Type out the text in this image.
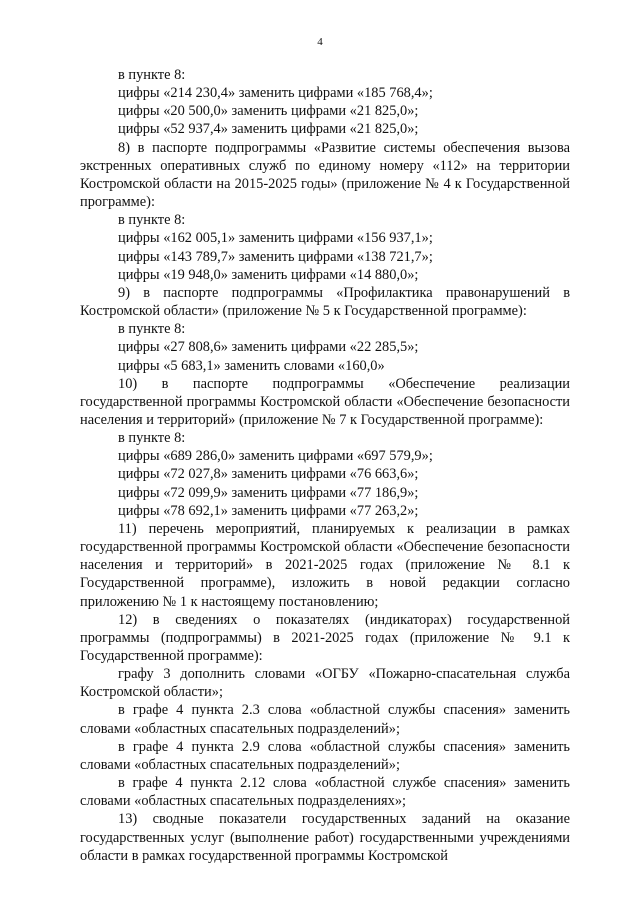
4

в пункте 8:

цифры «214 230,4» заменить цифрами «185 768,4»;

цифры «20 500,0» заменить цифрами «21 825,0»;

цифры «52 937,4» заменить цифрами «21 825,0»;

8) в паспорте подпрограммы «Развитие системы обеспечения вызова экстренных оперативных служб по единому номеру «112» на территории Костромской области на 2015-2025 годы» (приложение № 4 к Государственной программе):

в пункте 8:

цифры «162 005,1» заменить цифрами «156 937,1»;

цифры «143 789,7» заменить цифрами «138 721,7»;

цифры «19 948,0» заменить цифрами «14 880,0»;

9) в паспорте подпрограммы «Профилактика правонарушений в Костромской области» (приложение № 5 к Государственной программе):

в пункте 8:

цифры «27 808,6» заменить цифрами «22 285,5»;

цифры «5 683,1» заменить словами «160,0»

10) в паспорте подпрограммы «Обеспечение реализации государственной программы Костромской области «Обеспечение безопасности населения и территорий» (приложение № 7 к Государственной программе):

в пункте 8:

цифры «689 286,0» заменить цифрами «697 579,9»;

цифры «72 027,8» заменить цифрами «76 663,6»;

цифры «72 099,9» заменить цифрами «77 186,9»;

цифры «78 692,1» заменить цифрами «77 263,2»;

11) перечень мероприятий, планируемых к реализации в рамках государственной программы Костромской области «Обеспечение безопасности населения и территорий» в 2021-2025 годах (приложение № 8.1 к Государственной программе), изложить в новой редакции согласно приложению № 1 к настоящему постановлению;

12) в сведениях о показателях (индикаторах) государственной программы (подпрограммы) в 2021-2025 годах (приложение № 9.1 к Государственной программе):

графу 3 дополнить словами «ОГБУ «Пожарно-спасательная служба Костромской области»;

в графе 4 пункта 2.3 слова «областной службы спасения» заменить словами «областных спасательных подразделений»;

в графе 4 пункта 2.9 слова «областной службы спасения» заменить словами «областных спасательных подразделений»;

в графе 4 пункта 2.12 слова «областной службе спасения» заменить словами «областных спасательных подразделениях»;

13) сводные показатели государственных заданий на оказание государственных услуг (выполнение работ) государственными учреждениями области в рамках государственной программы Костромской
